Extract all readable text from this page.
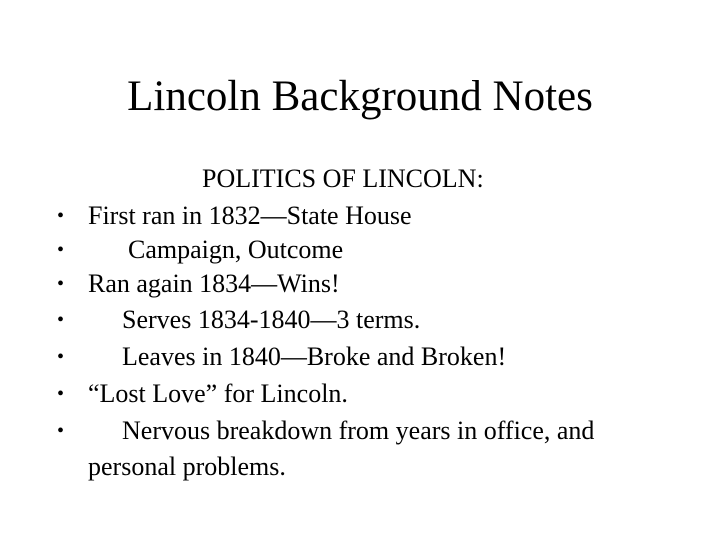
Lincoln Background Notes
POLITICS OF LINCOLN:
• First ran in 1832—State House
• Campaign, Outcome
• Ran again 1834—Wins!
• Serves 1834-1840—3 terms.
• Leaves in 1840—Broke and Broken!
• “Lost Love” for Lincoln.
• Nervous breakdown from years in office, and
personal problems.
